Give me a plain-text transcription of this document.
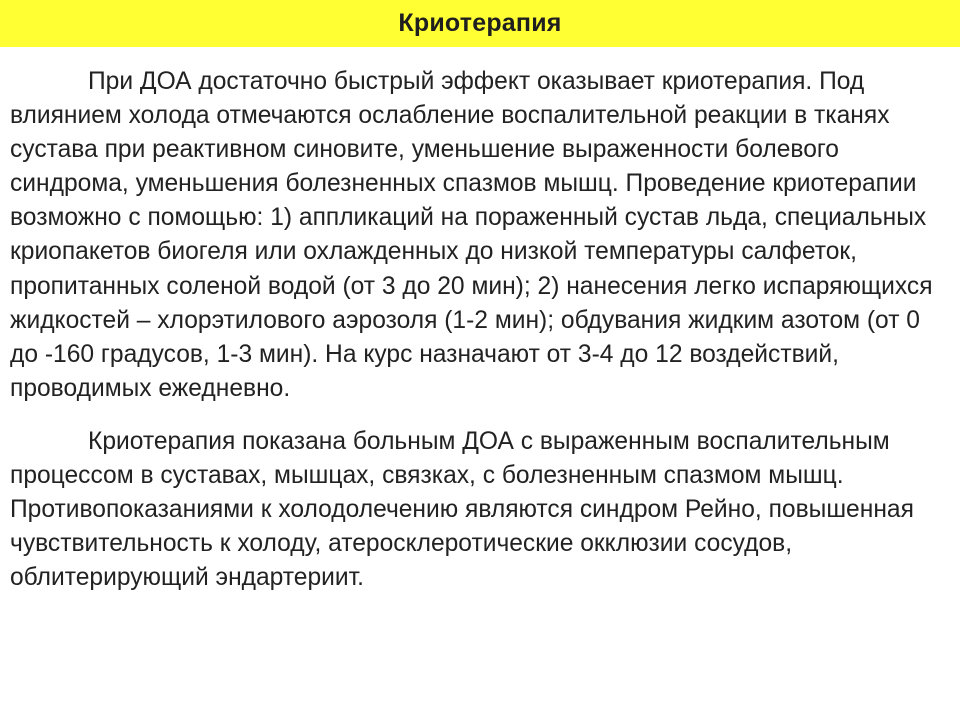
Криотерапия

При ДОА достаточно быстрый эффект оказывает криотерапия. Под влиянием холода отмечаются ослабление воспалительной реакции в тканях сустава при реактивном синовите, уменьшение выраженности болевого синдрома, уменьшения болезненных спазмов мышц. Проведение криотерапии возможно с помощью: 1) аппликаций на пораженный сустав льда, специальных криопакетов биогеля или охлажденных до низкой температуры салфеток, пропитанных соленой водой (от 3 до 20 мин); 2) нанесения легко испаряющихся жидкостей – хлорэтилового аэрозоля (1-2 мин); обдувания жидким азотом (от 0 до -160 градусов, 1-3 мин). На курс назначают от 3-4 до 12 воздействий, проводимых ежедневно.

Криотерапия показана больным ДОА с выраженным воспалительным процессом в суставах, мышцах, связках, с болезненным спазмом мышц. Противопоказаниями к холодолечению являются синдром Рейно, повышенная чувствительность к холоду, атеросклеротические окклюзии сосудов, облитерирующий эндартериит.
